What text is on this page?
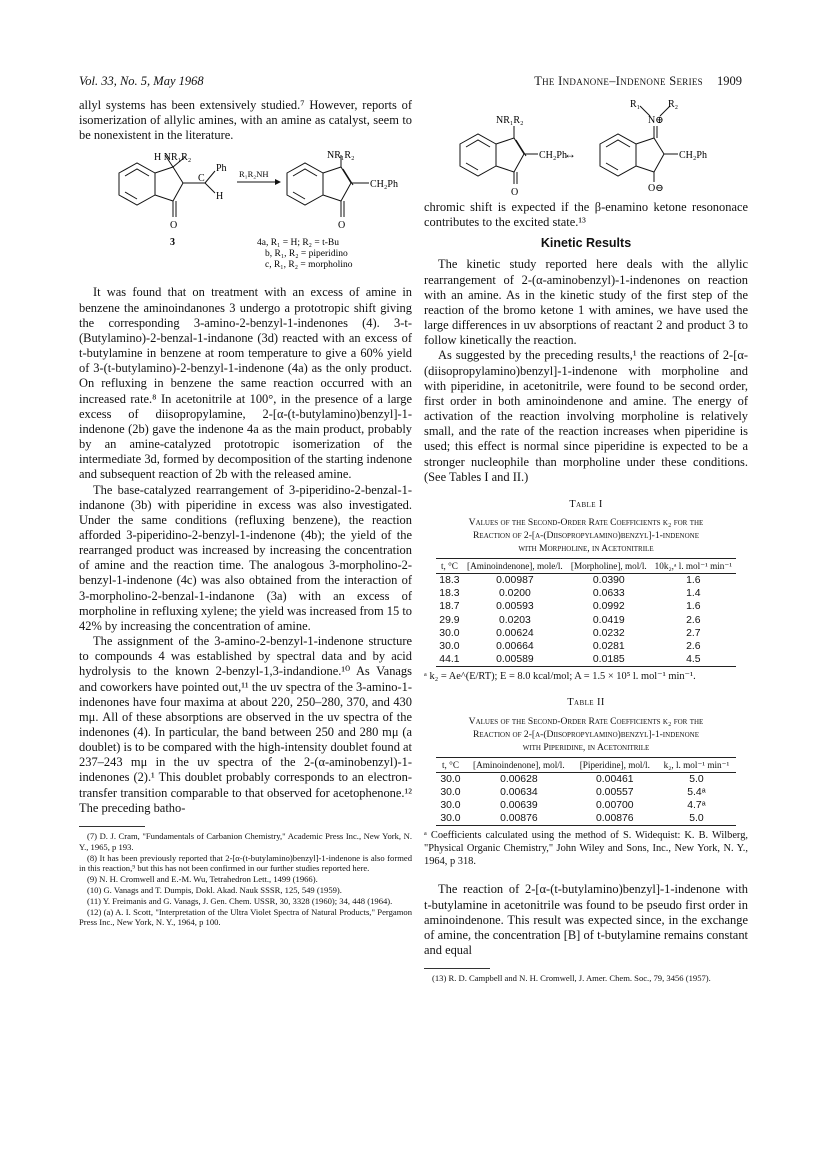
Vol. 33, No. 5, May 1968	The Indanone–Indenone Series 1909

allyl systems has been extensively studied.⁷ However, reports of isomerization of allylic amines, with an amine as catalyst, seem to be nonexistent in the literature.

H NR₁R₂
Ph
C
H
O
3
R₁R₂NH
NR₁R₂
CH₂Ph
O
4a, R₁ = H; R₂ = t-Bu
b, R₁, R₂ = piperidino
c, R₁, R₂ = morpholino

It was found that on treatment with an excess of amine in benzene the aminoindanones 3 undergo a prototropic shift giving the corresponding 3-amino-2-benzyl-1-indenones (4). 3-t-(Butylamino)-2-benzal-1-indanone (3d) reacted with an excess of t-butylamine in benzene at room temperature to give a 60% yield of 3-(t-butylamino)-2-benzyl-1-indenone (4a) as the only product. On refluxing in benzene the same reaction occurred with an increased rate.⁸ In acetonitrile at 100°, in the presence of a large excess of diisopropylamine, 2-[α-(t-butylamino)benzyl]-1-indenone (2b) gave the indenone 4a as the main product, probably by an amine-catalyzed prototropic isomerization of the intermediate 3d, formed by decomposition of the starting indenone and subsequent reaction of 2b with the released amine.

The base-catalyzed rearrangement of 3-piperidino-2-benzal-1-indanone (3b) with piperidine in excess was also investigated. Under the same conditions (refluxing benzene), the reaction afforded 3-piperidino-2-benzyl-1-indenone (4b); the yield of the rearranged product was increased by increasing the concentration of amine and the reaction time. The analogous 3-morpholino-2-benzyl-1-indenone (4c) was also obtained from the interaction of 3-morpholino-2-benzal-1-indanone (3a) with an excess of morpholine in refluxing xylene; the yield was increased from 15 to 42% by increasing the concentration of amine.

The assignment of the 3-amino-2-benzyl-1-indenone structure to compounds 4 was established by spectral data and by acid hydrolysis to the known 2-benzyl-1,3-indandione.¹⁰ As Vanags and coworkers have pointed out,¹¹ the uv spectra of the 3-amino-1-indenones have four maxima at about 220, 250–280, 370, and 430 mμ. All of these absorptions are observed in the uv spectra of the indenones (4). In particular, the band between 250 and 280 mμ (a doublet) is to be compared with the high-intensity doublet found at 237–243 mμ in the uv spectra of the 2-(α-aminobenzyl)-1-indenones (2).¹ This doublet probably corresponds to an electron-transfer transition comparable to that observed for acetophenone.¹² The preceding batho-

(7) D. J. Cram, "Fundamentals of Carbanion Chemistry," Academic Press Inc., New York, N. Y., 1965, p 193.

(8) It has been previously reported that 2-[α-(t-butylamino)benzyl]-1-indenone is also formed in this reaction,⁹ but this has not been confirmed in our further studies reported here.

(9) N. H. Cromwell and E.-M. Wu, Tetrahedron Lett., 1499 (1966).

(10) G. Vanags and T. Dumpis, Dokl. Akad. Nauk SSSR, 125, 549 (1959).

(11) Y. Freimanis and G. Vanags, J. Gen. Chem. USSR, 30, 3328 (1960); 34, 448 (1964).

(12) (a) A. I. Scott, "Interpretation of the Ultra Violet Spectra of Natural Products," Pergamon Press Inc., New York, N. Y., 1964, p 100.

NR₁R₂
CH₂Ph
O
↔
R₁	R₂
N⊕
CH₂Ph
O⊖

chromic shift is expected if the β-enamino ketone resononace contributes to the excited state.¹³

Kinetic Results

The kinetic study reported here deals with the allylic rearrangement of 2-(α-aminobenzyl)-1-indenones on reaction with an amine. As in the kinetic study of the first step of the reaction of the bromo ketone 1 with amines, we have used the large differences in uv absorptions of reactant 2 and product 3 to follow kinetically the reaction.

As suggested by the preceding results,¹ the reactions of 2-[α-(diisopropylamino)benzyl]-1-indenone with morpholine and with piperidine, in acetonitrile, were found to be second order, first order in both aminoindenone and amine. The energy of activation of the reaction involving morpholine is relatively small, and the rate of the reaction increases when piperidine is used; this effect is normal since piperidine is expected to be a stronger nucleophile than morpholine under these conditions. (See Tables I and II.)

Table I
Values of the Second-Order Rate Coefficients k₂ for the
Reaction of 2-[α-(Diisopropylamino)benzyl]-1-indenone
with Morpholine, in Acetonitrile
t, °C	[Aminoindenone], mole/l.	[Morpholine], mol/l.	10k₂,ᵃ l. mol⁻¹ min⁻¹
18.3	0.00987	0.0390	1.6
18.3	0.0200	0.0633	1.4
18.7	0.00593	0.0992	1.6
29.9	0.0203	0.0419	2.6
30.0	0.00624	0.0232	2.7
30.0	0.00664	0.0281	2.6
44.1	0.00589	0.0185	4.5

ᵃ k₂ = Ae^(E/RT); E = 8.0 kcal/mol; A = 1.5 × 10⁵ l. mol⁻¹ min⁻¹.

Table II
Values of the Second-Order Rate Coefficients k₂ for the
Reaction of 2-[α-(Diisopropylamino)benzyl]-1-indenone
with Piperidine, in Acetonitrile
t, °C	[Aminoindenone], mol/l.	[Piperidine], mol/l.	k₂, l. mol⁻¹ min⁻¹
30.0	0.00628	0.00461	5.0
30.0	0.00634	0.00557	5.4ᵃ
30.0	0.00639	0.00700	4.7ᵃ
30.0	0.00876	0.00876	5.0

ᵃ Coefficients calculated using the method of S. Widequist: K. B. Wilberg, "Physical Organic Chemistry," John Wiley and Sons, Inc., New York, N. Y., 1964, p 318.

The reaction of 2-[α-(t-butylamino)benzyl]-1-indenone with t-butylamine in acetonitrile was found to be pseudo first order in aminoindenone. This result was expected since, in the exchange of amine, the concentration [B] of t-butylamine remains constant and equal

(13) R. D. Campbell and N. H. Cromwell, J. Amer. Chem. Soc., 79, 3456 (1957).
